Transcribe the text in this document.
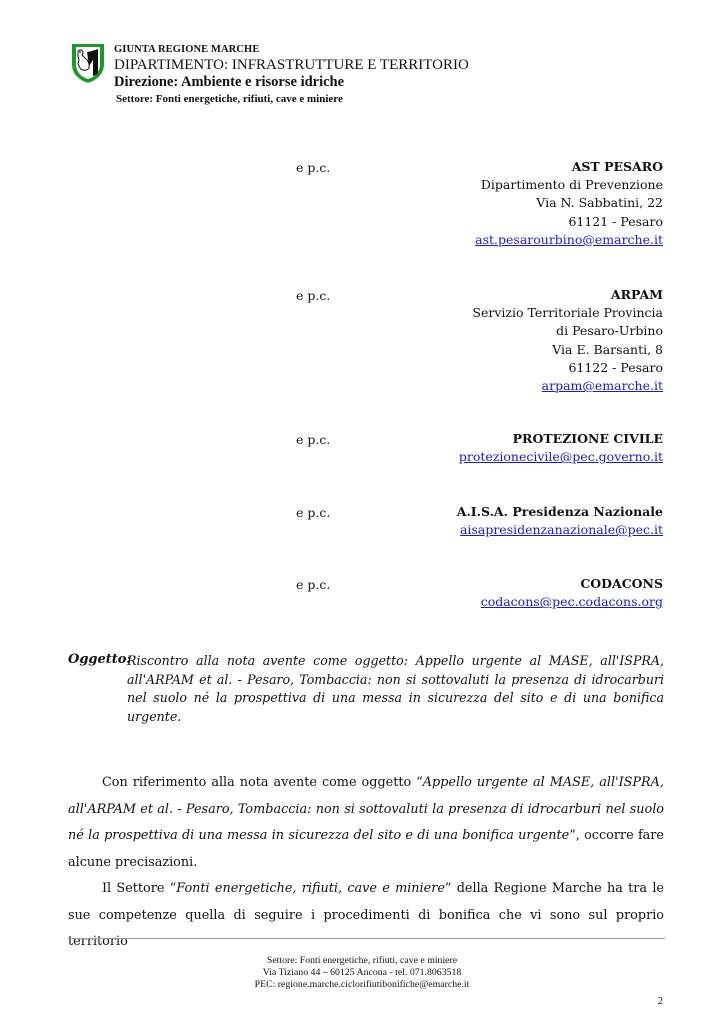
GIUNTA REGIONE MARCHE
DIPARTIMENTO: INFRASTRUTTURE E TERRITORIO
Direzione: Ambiente e risorse idriche
Settore: Fonti energetiche, rifiuti, cave e miniere
e p.c.	AST PESARO
Dipartimento di Prevenzione
Via N. Sabbatini, 22
61121 - Pesaro
ast.pesarourbino@emarche.it
e p.c.	ARPAM
Servizio Territoriale Provincia
di Pesaro-Urbino
Via E. Barsanti, 8
61122 - Pesaro
arpam@emarche.it
e p.c.	PROTEZIONE CIVILE
protezionecivile@pec.governo.it
e p.c.	A.I.S.A. Presidenza Nazionale
aisapresidenzanazionale@pec.it
e p.c.	CODACONS
codacons@pec.codacons.org
Oggetto:
Riscontro alla nota avente come oggetto: Appello urgente al MASE, all'ISPRA, all'ARPAM et al. - Pesaro, Tombaccia: non si sottovaluti la presenza di idrocarburi nel suolo né la prospettiva di una messa in sicurezza del sito e di una bonifica urgente.

Con riferimento alla nota avente come oggetto “Appello urgente al MASE, all'ISPRA, all'ARPAM et al. - Pesaro, Tombaccia: non si sottovaluti la presenza di idrocarburi nel suolo né la prospettiva di una messa in sicurezza del sito e di una bonifica urgente”, occorre fare alcune precisazioni.

Il Settore “Fonti energetiche, rifiuti, cave e miniere” della Regione Marche ha tra le sue competenze quella di seguire i procedimenti di bonifica che vi sono sul proprio territorio

Settore: Fonti energetiche, rifiuti, cave e miniere
Via Tiziano 44 – 60125 Ancona - tel. 071.8063518
PEC: regione.marche.ciclorifiutibonifiche@emarche.it
2
